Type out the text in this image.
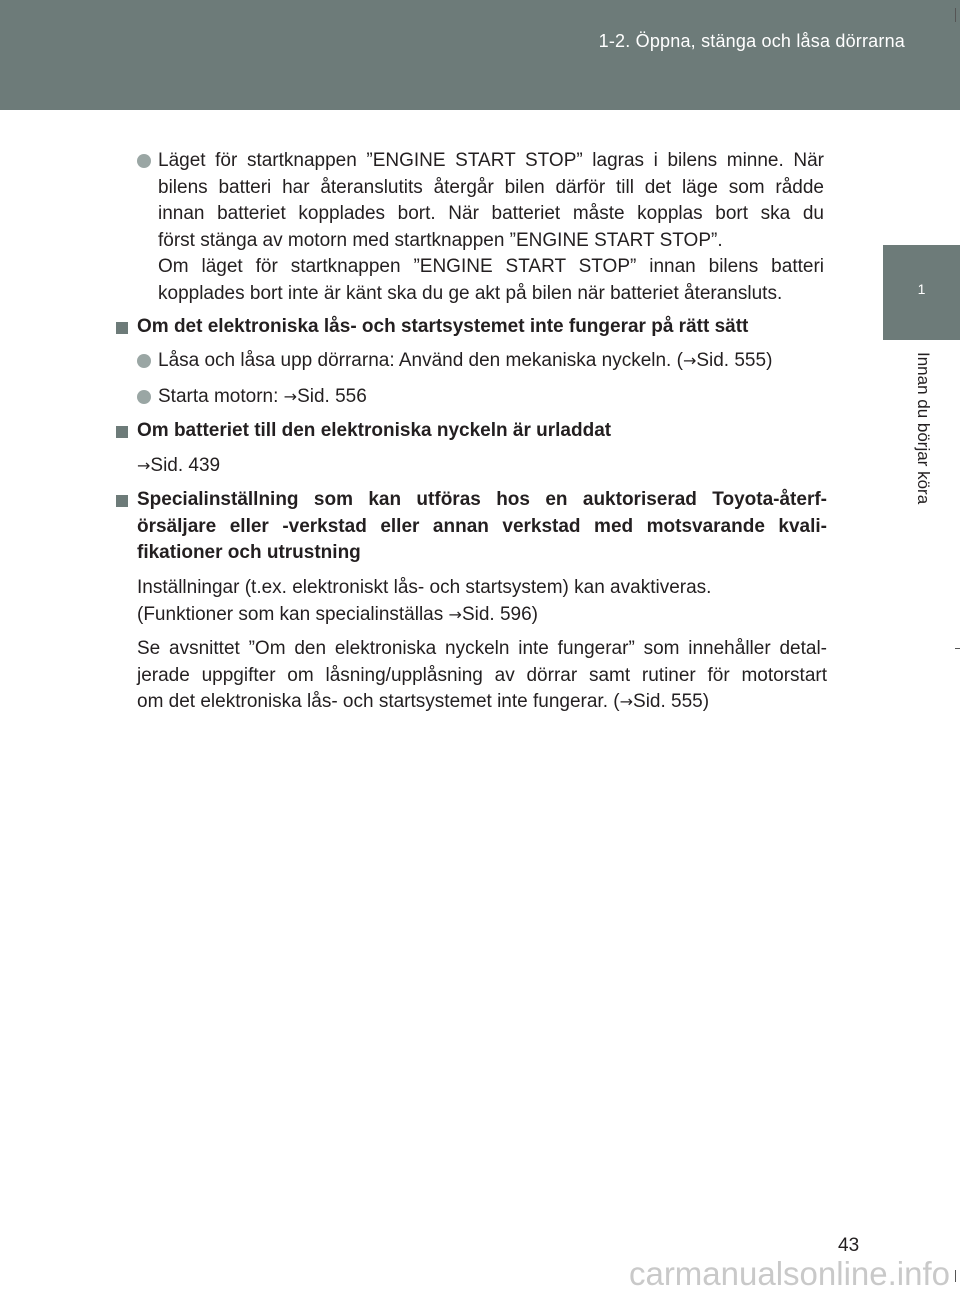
1-2. Öppna, stänga och låsa dörrarna
1
Innan du börjar köra
Läget för startknappen ”ENGINE START STOP” lagras i bilens minne. När
bilens batteri har återanslutits återgår bilen därför till det läge som rådde
innan batteriet kopplades bort. När batteriet måste kopplas bort ska du
först stänga av motorn med startknappen ”ENGINE START STOP”.
Om läget för startknappen ”ENGINE START STOP” innan bilens batteri
kopplades bort inte är känt ska du ge akt på bilen när batteriet återansluts.
Om det elektroniska lås- och startsystemet inte fungerar på rätt sätt
Låsa och låsa upp dörrarna: Använd den mekaniska nyckeln. (→Sid. 555)
Starta motorn: →Sid. 556
Om batteriet till den elektroniska nyckeln är urladdat
→Sid. 439
Specialinställning som kan utföras hos en auktoriserad Toyota-återf-
örsäljare eller -verkstad eller annan verkstad med motsvarande kvali-
fikationer och utrustning
Inställningar (t.ex. elektroniskt lås- och startsystem) kan avaktiveras.
(Funktioner som kan specialinställas →Sid. 596)
Se avsnittet ”Om den elektroniska nyckeln inte fungerar” som innehåller detal-
jerade uppgifter om låsning/upplåsning av dörrar samt rutiner för motorstart
om det elektroniska lås- och startsystemet inte fungerar. (→Sid. 555)
43
carmanualsonline.info
